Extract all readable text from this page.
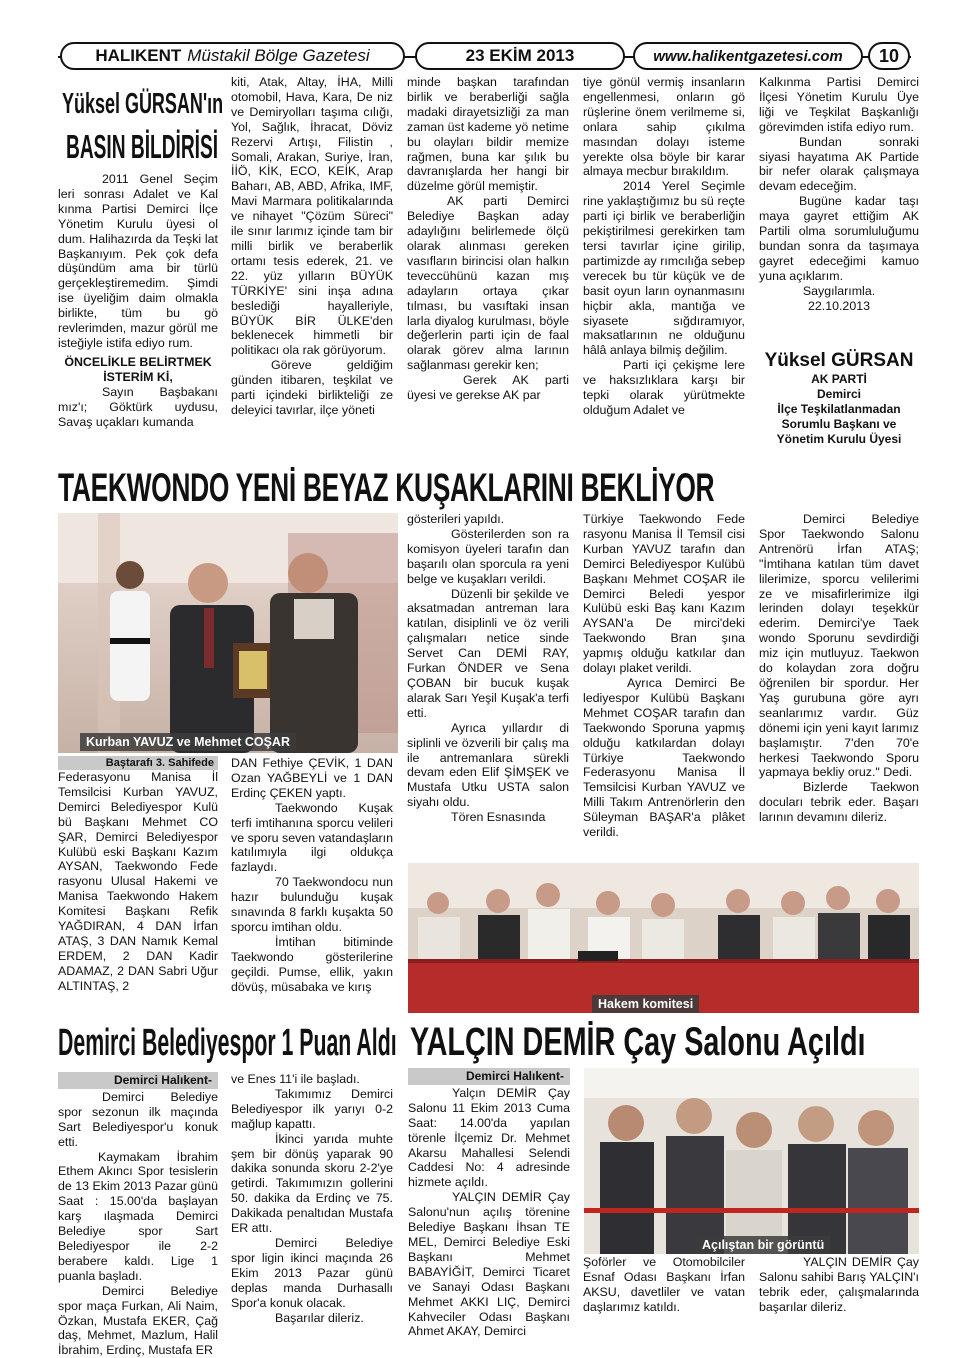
HALIKENT Müstakil Bölge Gazetesi	23 EKİM 2013	www.halikentgazetesi.com	10
Yüksel GÜRSAN'ın
BASIN BİLDİRİSİ

2011 Genel Seçim leri sonrası Adalet ve Kal kınma Partisi Demirci İlçe Yönetim Kurulu üyesi ol dum. Halihazırda da Teşki lat Başkanıyım. Pek çok defa düşündüm ama bir türlü gerçekleştiremedim. Şimdi ise üyeliğim daim olmakla birlikte, tüm bu gö revlerimden, mazur görül me isteğiyle istifa ediyo rum.

ÖNCELİKLE BELİRTMEK İSTERİM Kİ,

Sayın Başbakanı mız'ı; Göktürk uydusu, Savaş uçakları kumanda

kiti, Atak, Altay, İHA, Milli otomobil, Hava, Kara, De niz ve Demiryolları taşıma cılığı, Yol, Sağlık, İhracat, Döviz Rezervi Artışı, Filistin , Somali, Arakan, Suriye, İran, İİÖ, KİK, ECO, KEİK, Arap Baharı, AB, ABD, Afrika, IMF, Mavi Marmara politikalarında ve nihayet "Çözüm Süreci" ile sınır larımız içinde tam bir milli birlik ve beraberlik ortamı tesis ederek, 21. ve 22. yüz yılların BÜYÜK TÜRKİYE' sini inşa adına beslediği hayalleriyle, BÜYÜK BİR ÜLKE'den beklenecek himmetli bir politikacı ola rak görüyorum.

Göreve geldiğim günden itibaren, teşkilat ve parti içindeki birlikteliği ze deleyici tavırlar, ilçe yöneti

minde başkan tarafından birlik ve beraberliği sağla madaki dirayetsizliği za man zaman üst kademe yö netime bu olayları bildir memize rağmen, buna kar şılık bu davranışlarda her hangi bir düzelme görül memiştir.

AK parti Demirci Belediye Başkan aday adaylığını belirlemede ölçü olarak alınması gereken vasıfların birincisi olan halkın teveccühünü kazan mış adayların ortaya çıkar tılması, bu vasıftaki insan larla diyalog kurulması, böyle değerlerin parti için de faal olarak görev alma larının sağlanması gerekir ken;

Gerek AK parti üyesi ve gerekse AK par

tiye gönül vermiş insanların engellenmesi, onların gö rüşlerine önem verilmeme si, onlara sahip çıkılma masından dolayı isteme yerekte olsa böyle bir karar almaya mecbur bırakıldım.

2014 Yerel Seçimle rine yaklaştığımız bu sü reçte parti içi birlik ve beraberliğin pekiştirilmesi gerekirken tam tersi tavırlar içine girilip, partimizde ay rımcılığa sebep verecek bu tür küçük ve de basit oyun ların oynanmasını hiçbir akla, mantığa ve siyasete sığdıramıyor, maksatlarının ne olduğunu hâlâ anlaya bilmiş değilim.

Parti içi çekişme lere ve haksızlıklara karşı bir tepki olarak yürütmekte olduğum Adalet ve

Kalkınma Partisi Demirci İlçesi Yönetim Kurulu Üye liği ve Teşkilat Başkanlığı görevimden istifa ediyo rum.

Bundan sonraki siyasi hayatıma AK Partide bir nefer olarak çalışmaya devam edeceğim.

Bugüne kadar taşı maya gayret ettiğim AK Partili olma sorumluluğumu bundan sonra da taşımaya gayret edeceğimi kamuo yuna açıklarım.

Saygılarımla.

22.10.2013

Yüksel GÜRSAN
AK PARTİ
Demirci
İlçe Teşkilatlanmadan
Sorumlu Başkanı ve
Yönetim Kurulu Üyesi
TAEKWONDO YENİ BEYAZ KUŞAKLARINI BEKLİYOR
Kurban YAVUZ ve Mehmet COŞAR
Baştarafı 3. Sahifede

Federasyonu Manisa İl Temsilcisi Kurban YAVUZ, Demirci Belediyespor Kulü bü Başkanı Mehmet CO ŞAR, Demirci Belediyespor Kulübü eski Başkanı Kazım AYSAN, Taekwondo Fede rasyonu Ulusal Hakemi ve Manisa Taekwondo Hakem Komitesi Başkanı Refik YAĞDIRAN, 4 DAN İrfan ATAŞ, 3 DAN Namık Kemal ERDEM, 2 DAN Kadir ADAMAZ, 2 DAN Sabri Uğur ALTINTAŞ, 2

DAN Fethiye ÇEVİK, 1 DAN Ozan YAĞBEYLİ ve 1 DAN Erdinç ÇEKEN yaptı.

Taekwondo Kuşak terfi imtihanına sporcu velileri ve sporu seven vatandaşların katılımıyla ilgi oldukça fazlaydı.

70 Taekwondocu nun hazır bulunduğu kuşak sınavında 8 farklı kuşakta 50 sporcu imtihan oldu.

İmtihan bitiminde Taekwondo gösterilerine geçildi. Pumse, ellik, yakın dövüş, müsabaka ve kırış

gösterileri yapıldı.

Gösterilerden son ra komisyon üyeleri tarafın dan başarılı olan sporcula ra yeni belge ve kuşakları verildi.

Düzenli bir şekilde ve aksatmadan antreman lara katılan, disiplinli ve öz verili çalışmaları netice sinde Servet Can DEMİ RAY, Furkan ÖNDER ve Sena ÇOBAN bir bucuk kuşak alarak Sarı Yeşil Kuşak'a terfi etti.

Ayrıca yıllardır di siplinli ve özverili bir çalış ma ile antremanlara sürekli devam eden Elif ŞİMŞEK ve Mustafa Utku USTA salon siyahı oldu.

Tören Esnasında

Türkiye Taekwondo Fede rasyonu Manisa İl Temsil cisi Kurban YAVUZ tarafın dan Demirci Belediyespor Kulübü Başkanı Mehmet COŞAR ile Demirci Beledi yespor Kulübü eski Baş kanı Kazım AYSAN'a De mirci'deki Taekwondo Bran şına yapmış olduğu katkılar dan dolayı plaket verildi.

Ayrıca Demirci Be lediyespor Kulübü Başkanı Mehmet COŞAR tarafın dan Taekwondo Sporuna yapmış olduğu katkılardan dolayı Türkiye Taekwondo Federasyonu Manisa İl Temsilcisi Kurban YAVUZ ve Milli Takım Antrenörlerin den Süleyman BAŞAR'a plâket verildi.

Demirci Belediye Spor Taekwondo Salonu Antrenörü İrfan ATAŞ; "İmtihana katılan tüm davet lilerimize, sporcu velilerimi ze ve misafirlerimize ilgi lerinden dolayı teşekkür ederim. Demirci'ye Taek wondo Sporunu sevdirdiği miz için mutluyuz. Taekwon do kolaydan zora doğru öğrenilen bir spordur. Her Yaş gurubuna göre ayrı seanlarımız vardır. Güz dönemi için yeni kayıt larımız başlamıştır. 7'den 70'e herkesi Taekwondo Sporu yapmaya bekliy oruz." Dedi.

Bizlerde Taekwon docuları tebrik eder. Başarı larının devamını dileriz.

Hakem komitesi
Demirci Belediyespor 1 Puan Aldı
Demirci Halıkent-

Demirci Belediye spor sezonun ilk maçında Sart Belediyespor'u konuk etti.

Kaymakam İbrahim Ethem Akıncı Spor tesislerin de 13 Ekim 2013 Pazar günü Saat : 15.00'da başlayan karş ılaşmada Demirci Belediye spor Sart Belediyespor ile 2-2 berabere kaldı. Lige 1 puanla başladı.

Demirci Belediye spor maça Furkan, Ali Naim, Özkan, Mustafa EKER, Çağ daş, Mehmet, Mazlum, Halil İbrahim, Erdinç, Mustafa ER

ve Enes 11'i ile başladı.

Takımımız Demirci Belediyespor ilk yarıyı 0-2 mağlup kapattı.

İkinci yarıda muhte şem bir dönüş yaparak 90 dakika sonunda skoru 2-2'ye getirdi. Takımımızın gollerini 50. dakika da Erdinç ve 75. Dakikada penaltıdan Mustafa ER attı.

Demirci Belediye spor ligin ikinci maçında 26 Ekim 2013 Pazar günü deplas manda Durhasallı Spor'a konuk olacak.

Başarılar dileriz.

YALÇIN DEMİR Çay Salonu Açıldı
Demirci Halıkent-

Yalçın DEMİR Çay Salonu 11 Ekim 2013 Cuma Saat: 14.00'da yapılan törenle İlçemiz Dr. Mehmet Akarsu Mahallesi Selendi Caddesi No: 4 adresinde hizmete açıldı.

YALÇIN DEMİR Çay Salonu'nun açılış törenine Belediye Başkanı İhsan TE MEL, Demirci Belediye Eski Başkanı Mehmet BABAYİĞİT, Demirci Ticaret ve Sanayi Odası Başkanı Mehmet AKKI LIÇ, Demirci Kahveciler Odası Başkanı Ahmet AKAY, Demirci

Açılıştan bir görüntü

Şoförler ve Otomobilciler Esnaf Odası Başkanı İrfan AKSU, davetliler ve vatan daşlarımız katıldı.

YALÇIN DEMİR Çay Salonu sahibi Barış YALÇIN'ı tebrik eder, çalışmalarında başarılar dileriz.
